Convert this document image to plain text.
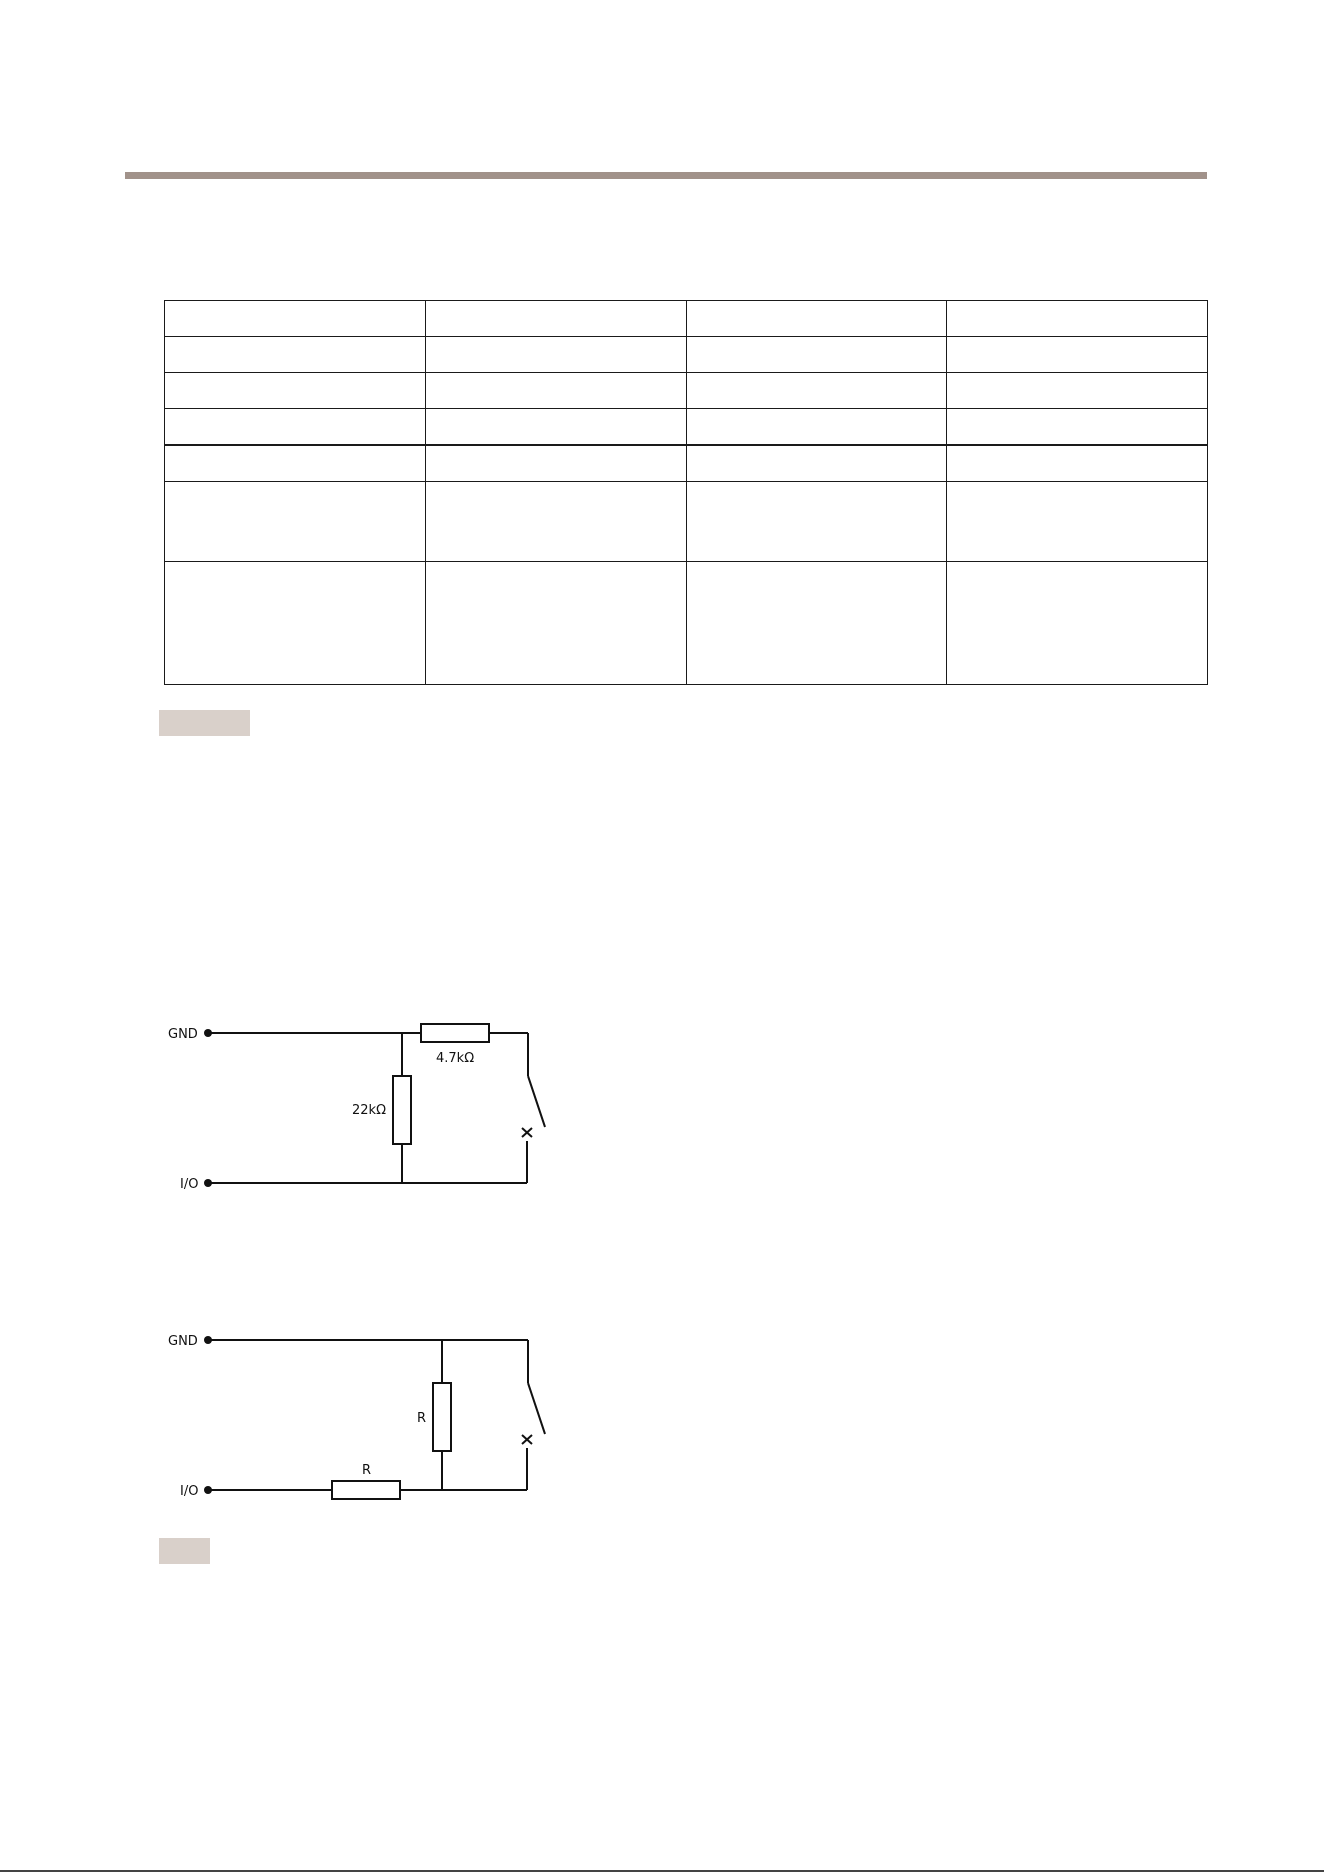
GND
I/O
4.7kΩ
22kΩ
GND
I/O
R
R
